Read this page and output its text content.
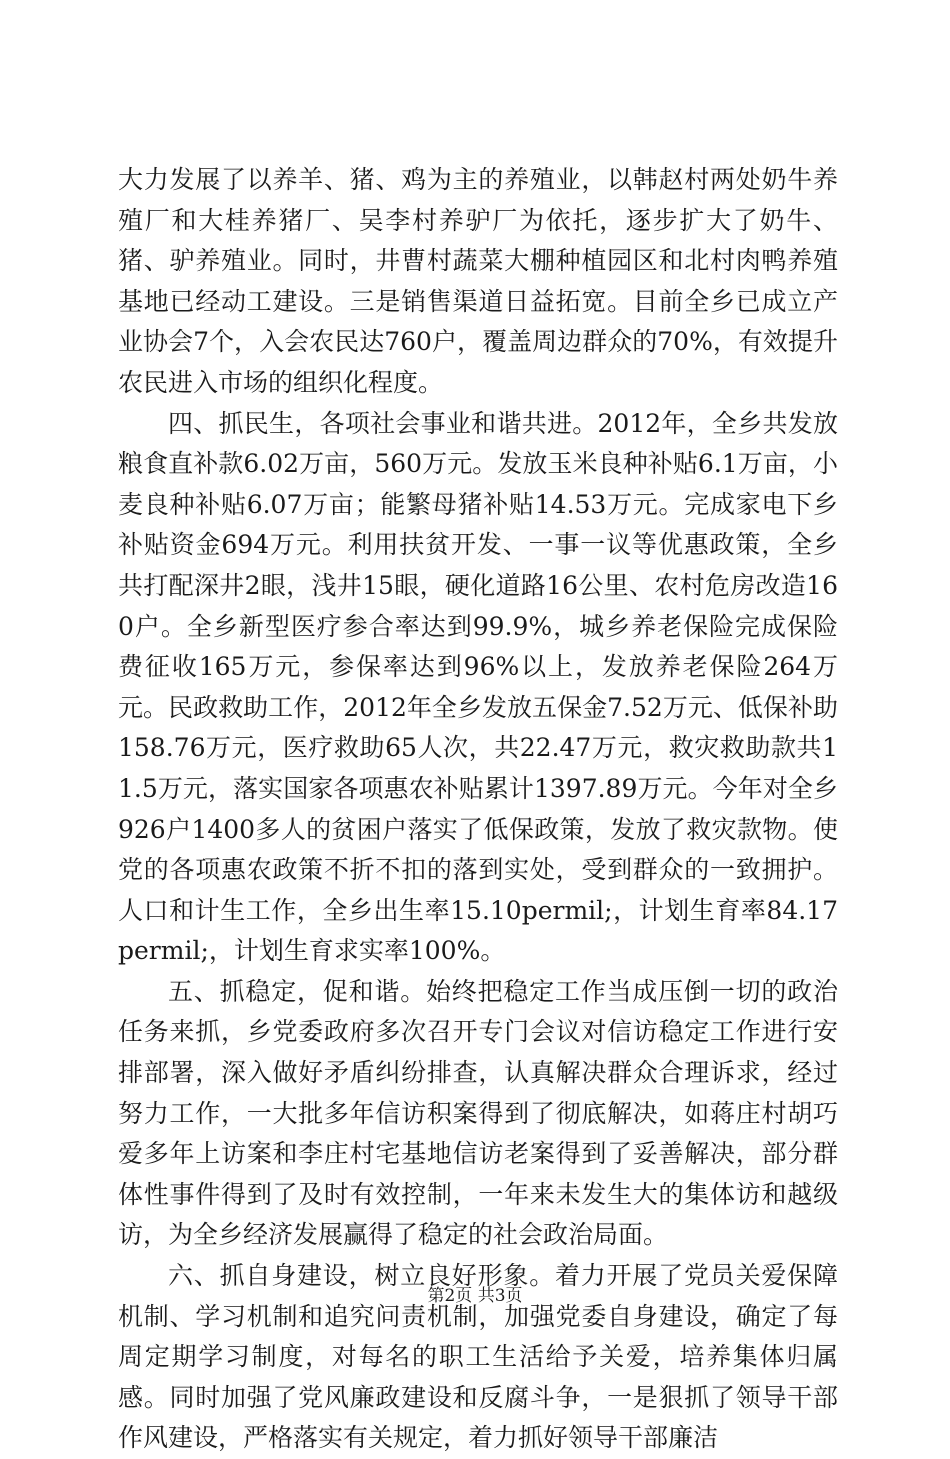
大力发展了以养羊、猪、鸡为主的养殖业，以韩赵村两处奶牛养殖厂和大桂养猪厂、吴李村养驴厂为依托，逐步扩大了奶牛、猪、驴养殖业。同时，井曹村蔬菜大棚种植园区和北村肉鸭养殖基地已经动工建设。三是销售渠道日益拓宽。目前全乡已成立产业协会7个，入会农民达760户，覆盖周边群众的70%，有效提升农民进入市场的组织化程度。

四、抓民生，各项社会事业和谐共进。2012年，全乡共发放粮食直补款6.02万亩，560万元。发放玉米良种补贴6.1万亩，小麦良种补贴6.07万亩；能繁母猪补贴14.53万元。完成家电下乡补贴资金694万元。利用扶贫开发、一事一议等优惠政策，全乡共打配深井2眼，浅井15眼，硬化道路16公里、农村危房改造160户。全乡新型医疗参合率达到99.9%，城乡养老保险完成保险费征收165万元，参保率达到96%以上，发放养老保险264万元。民政救助工作，2012年全乡发放五保金7.52万元、低保补助158.76万元，医疗救助65人次，共22.47万元，救灾救助款共11.5万元，落实国家各项惠农补贴累计1397.89万元。今年对全乡926户1400多人的贫困户落实了低保政策，发放了救灾款物。使党的各项惠农政策不折不扣的落到实处，受到群众的一致拥护。人口和计生工作，全乡出生率15.10permil;，计划生育率84.17permil;，计划生育求实率100%。

五、抓稳定，促和谐。始终把稳定工作当成压倒一切的政治任务来抓，乡党委政府多次召开专门会议对信访稳定工作进行安排部署，深入做好矛盾纠纷排查，认真解决群众合理诉求，经过努力工作，一大批多年信访积案得到了彻底解决，如蒋庄村胡巧爱多年上访案和李庄村宅基地信访老案得到了妥善解决，部分群体性事件得到了及时有效控制，一年来未发生大的集体访和越级访，为全乡经济发展赢得了稳定的社会政治局面。

六、抓自身建设，树立良好形象。着力开展了党员关爱保障机制、学习机制和追究问责机制，加强党委自身建设，确定了每周定期学习制度，对每名的职工生活给予关爱，培养集体归属感。同时加强了党风廉政建设和反腐斗争，一是狠抓了领导干部作风建设，严格落实有关规定，着力抓好领导干部廉洁

第2页 共3页
